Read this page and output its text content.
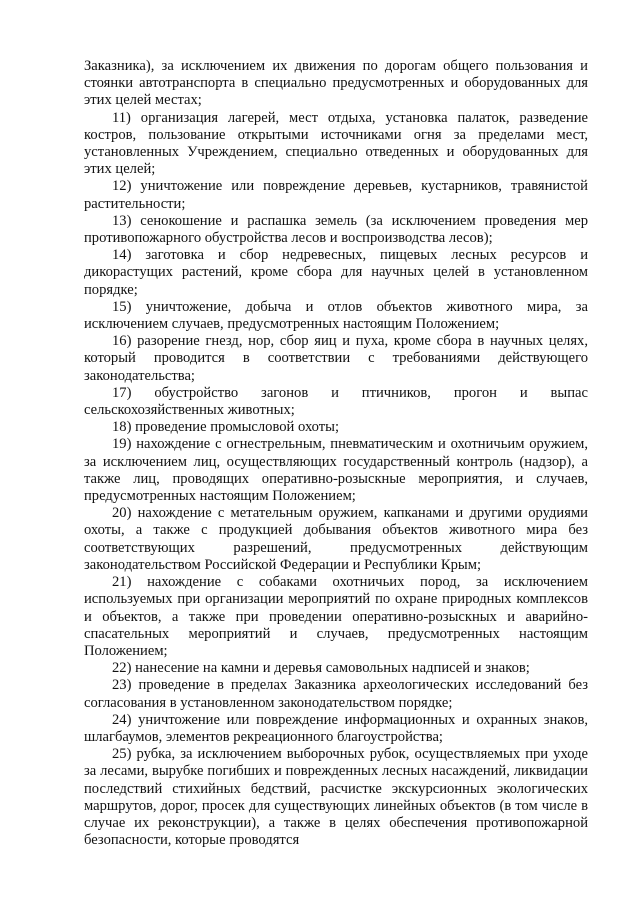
Заказника), за исключением их движения по дорогам общего пользования и стоянки автотранспорта в специально предусмотренных и оборудованных для этих целей местах;

11) организация лагерей, мест отдыха, установка палаток, разведение костров, пользование открытыми источниками огня за пределами мест, установленных Учреждением, специально отведенных и оборудованных для этих целей;

12) уничтожение или повреждение деревьев, кустарников, травянистой растительности;

13) сенокошение и распашка земель (за исключением проведения мер противопожарного обустройства лесов и воспроизводства лесов);

14) заготовка и сбор недревесных, пищевых лесных ресурсов и дикорастущих растений, кроме сбора для научных целей в установленном порядке;

15) уничтожение, добыча и отлов объектов животного мира, за исключением случаев, предусмотренных настоящим Положением;

16) разорение гнезд, нор, сбор яиц и пуха, кроме сбора в научных целях, который проводится в соответствии с требованиями действующего законодательства;

17) обустройство загонов и птичников, прогон и выпас сельскохозяйственных животных;

18) проведение промысловой охоты;

19) нахождение с огнестрельным, пневматическим и охотничьим оружием, за исключением лиц, осуществляющих государственный контроль (надзор), а также лиц, проводящих оперативно-розыскные мероприятия, и случаев, предусмотренных настоящим Положением;

20) нахождение с метательным оружием, капканами и другими орудиями охоты, а также с продукцией добывания объектов животного мира без соответствующих разрешений, предусмотренных действующим законодательством Российской Федерации и Республики Крым;

21) нахождение с собаками охотничьих пород, за исключением используемых при организации мероприятий по охране природных комплексов и объектов, а также при проведении оперативно-розыскных и аварийно-спасательных мероприятий и случаев, предусмотренных настоящим Положением;

22) нанесение на камни и деревья самовольных надписей и знаков;

23) проведение в пределах Заказника археологических исследований без согласования в установленном законодательством порядке;

24) уничтожение или повреждение информационных и охранных знаков, шлагбаумов, элементов рекреационного благоустройства;

25) рубка, за исключением выборочных рубок, осуществляемых при уходе за лесами, вырубке погибших и поврежденных лесных насаждений, ликвидации последствий стихийных бедствий, расчистке экскурсионных экологических маршрутов, дорог, просек для существующих линейных объектов (в том числе в случае их реконструкции), а также в целях обеспечения противопожарной безопасности, которые проводятся
